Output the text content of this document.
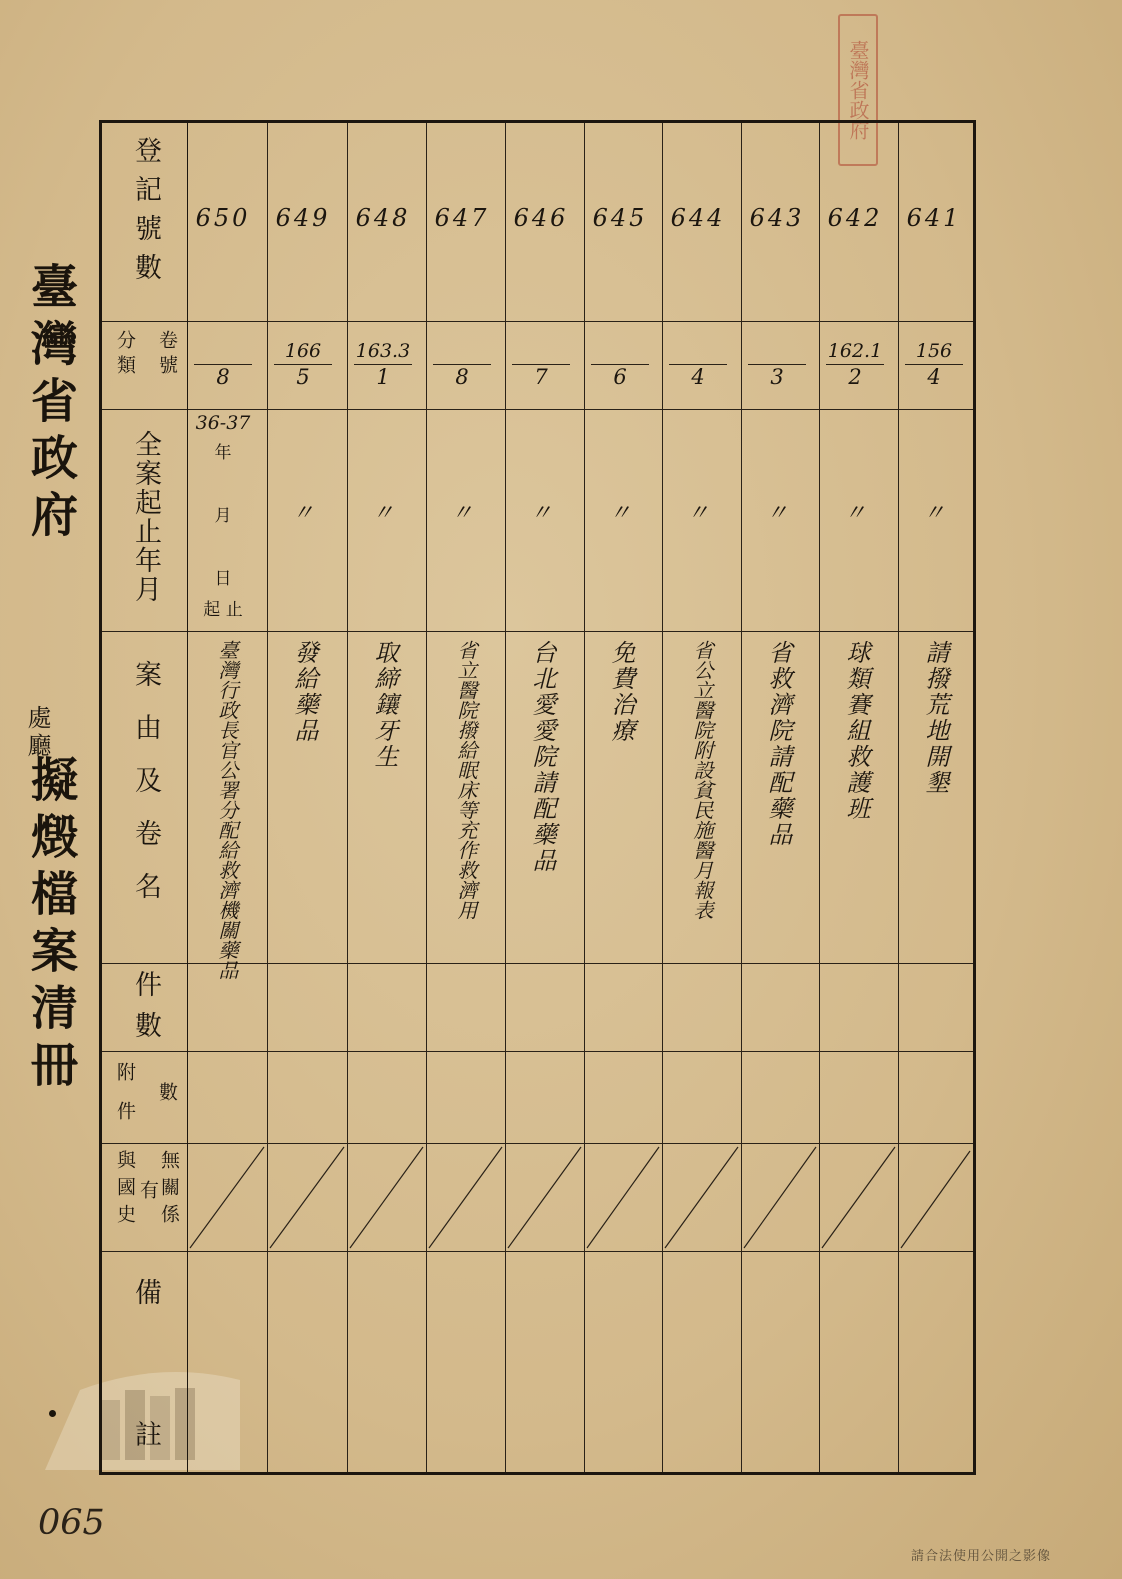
臺灣省政府
臺灣省政府
處廳
擬燬檔案清冊
登記號數
卷號
分類
全案起止年月
案由及卷名
件數
數
附件
無關係
有
與國史
備
註
36-37
年
月
日
起 止
650
8
臺灣行政長官公署分配給救濟機關藥品
649
166
5
〃
發給藥品
648
163.3
1
〃
取締鑲牙生
647
8
〃
省立醫院撥給眠床等充作救濟用
646
7
〃
台北愛愛院請配藥品
645
6
〃
免費治療
644
4
〃
省公立醫院附設貧民施醫月報表
643
3
〃
省救濟院請配藥品
642
162.1
2
〃
球類賽組救護班
641
156
4
〃
請撥荒地開墾
065
請合法使用公開之影像
